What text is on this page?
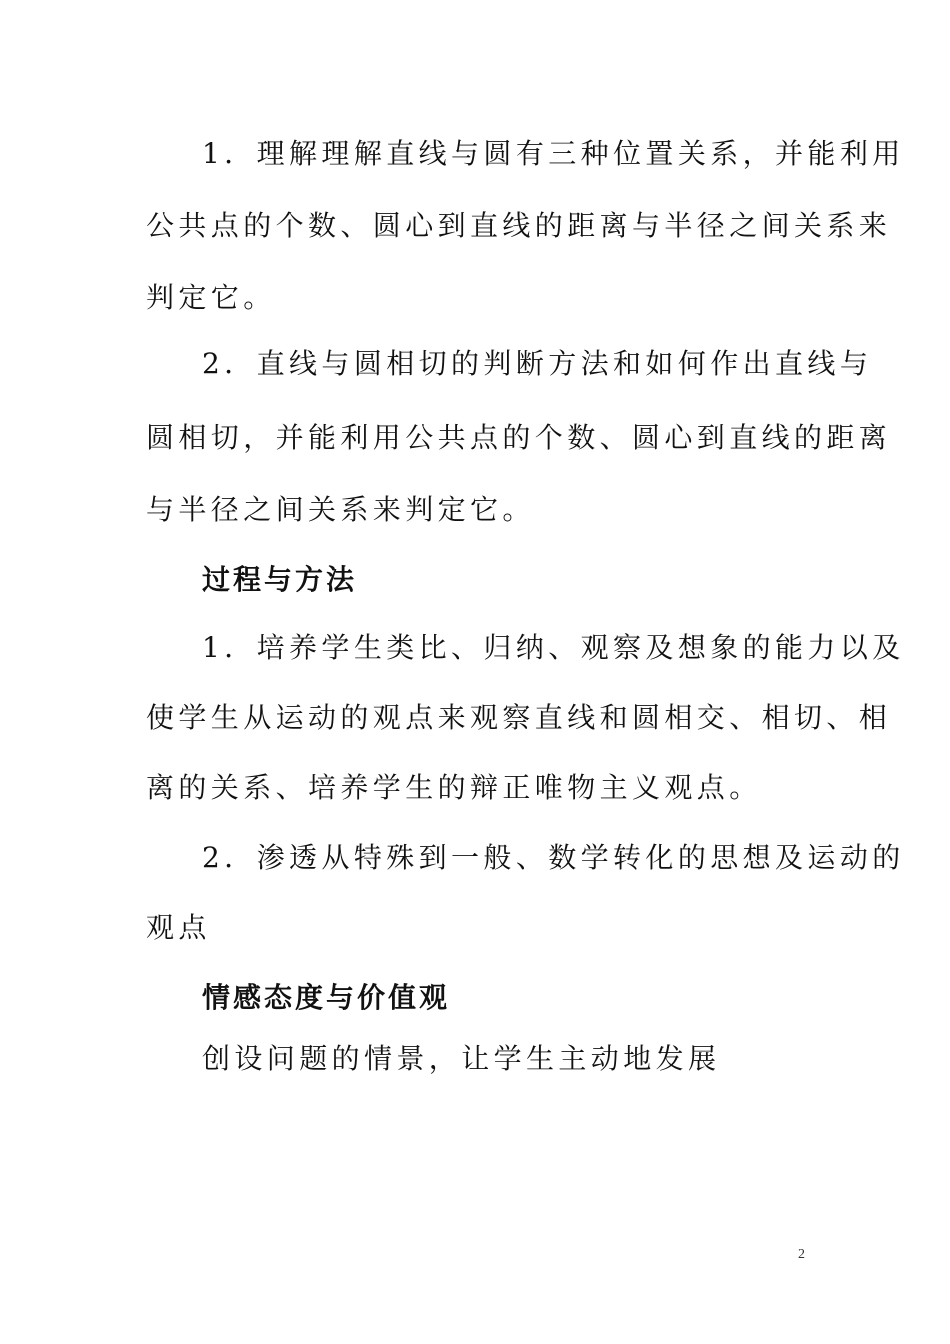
1．理解理解直线与圆有三种位置关系，并能利用
公共点的个数、圆心到直线的距离与半径之间关系来
判定它。
2．直线与圆相切的判断方法和如何作出直线与
圆相切，并能利用公共点的个数、圆心到直线的距离
与半径之间关系来判定它。
过程与方法
1．培养学生类比、归纳、观察及想象的能力以及
使学生从运动的观点来观察直线和圆相交、相切、相
离的关系、培养学生的辩正唯物主义观点。
2．渗透从特殊到一般、数学转化的思想及运动的
观点
情感态度与价值观
创设问题的情景，让学生主动地发展
2
